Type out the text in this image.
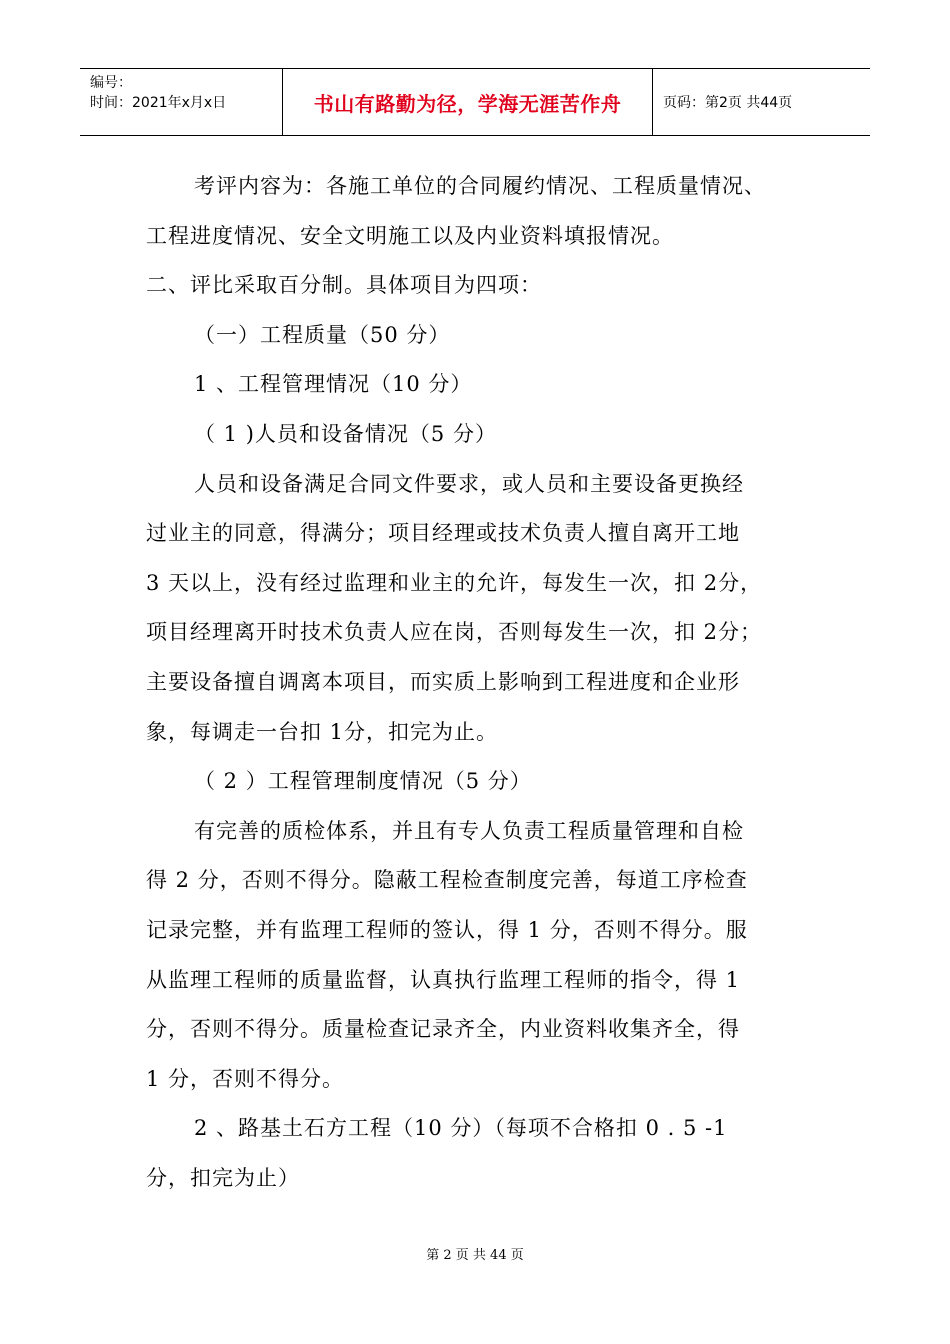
编号：
时间：2021年x月x日	书山有路勤为径，学海无涯苦作舟	页码：第2页 共44页
考评内容为：各施工单位的合同履约情况、工程质量情况、
工程进度情况、安全文明施工以及内业资料填报情况。
二、评比采取百分制。具体项目为四项：
（一）工程质量（50 分）
1 、工程管理情况（10 分）
（ 1 )人员和设备情况（5 分）
人员和设备满足合同文件要求，或人员和主要设备更换经
过业主的同意，得满分；项目经理或技术负责人擅自离开工地
3 天以上，没有经过监理和业主的允许，每发生一次，扣 2分，
项目经理离开时技术负责人应在岗，否则每发生一次，扣 2分；
主要设备擅自调离本项目，而实质上影响到工程进度和企业形
象，每调走一台扣 1分，扣完为止。
（ 2 ）工程管理制度情况（5 分）
有完善的质检体系，并且有专人负责工程质量管理和自检
得 2 分，否则不得分。隐蔽工程检查制度完善，每道工序检查
记录完整，并有监理工程师的签认，得 1 分，否则不得分。服
从监理工程师的质量监督，认真执行监理工程师的指令，得 1
分，否则不得分。质量检查记录齐全，内业资料收集齐全，得
1 分，否则不得分。
2 、路基土石方工程（10 分）（每项不合格扣 0 . 5 -1
分，扣完为止）
第 2 页 共 44 页
